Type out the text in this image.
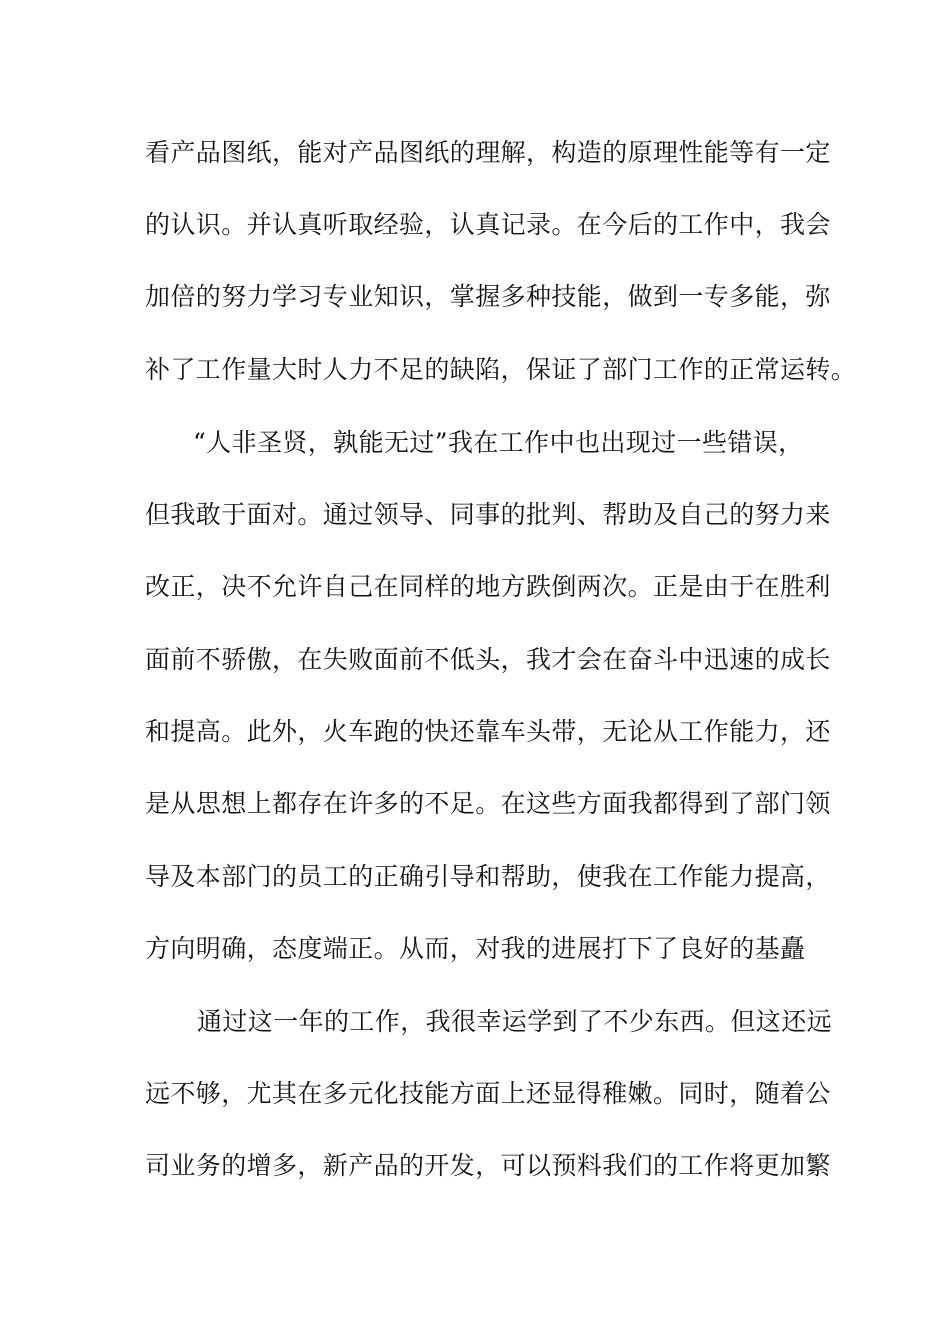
看产品图纸，能对产品图纸的理解，构造的原理性能等有一定
的认识。并认真听取经验，认真记录。在今后的工作中，我会
加倍的努力学习专业知识，掌握多种技能，做到一专多能，弥
补了工作量大时人力不足的缺陷，保证了部门工作的正常运转。
“人非圣贤，孰能无过”我在工作中也出现过一些错误，
但我敢于面对。通过领导、同事的批判、帮助及自己的努力来
改正，决不允许自己在同样的地方跌倒两次。正是由于在胜利
面前不骄傲，在失败面前不低头，我才会在奋斗中迅速的成长
和提高。此外，火车跑的快还靠车头带，无论从工作能力，还
是从思想上都存在许多的不足。在这些方面我都得到了部门领
导及本部门的员工的正确引导和帮助，使我在工作能力提高，
方向明确，态度端正。从而，对我的进展打下了良好的基矗
通过这一年的工作，我很幸运学到了不少东西。但这还远
远不够，尤其在多元化技能方面上还显得稚嫩。同时，随着公
司业务的增多，新产品的开发，可以预料我们的工作将更加繁
